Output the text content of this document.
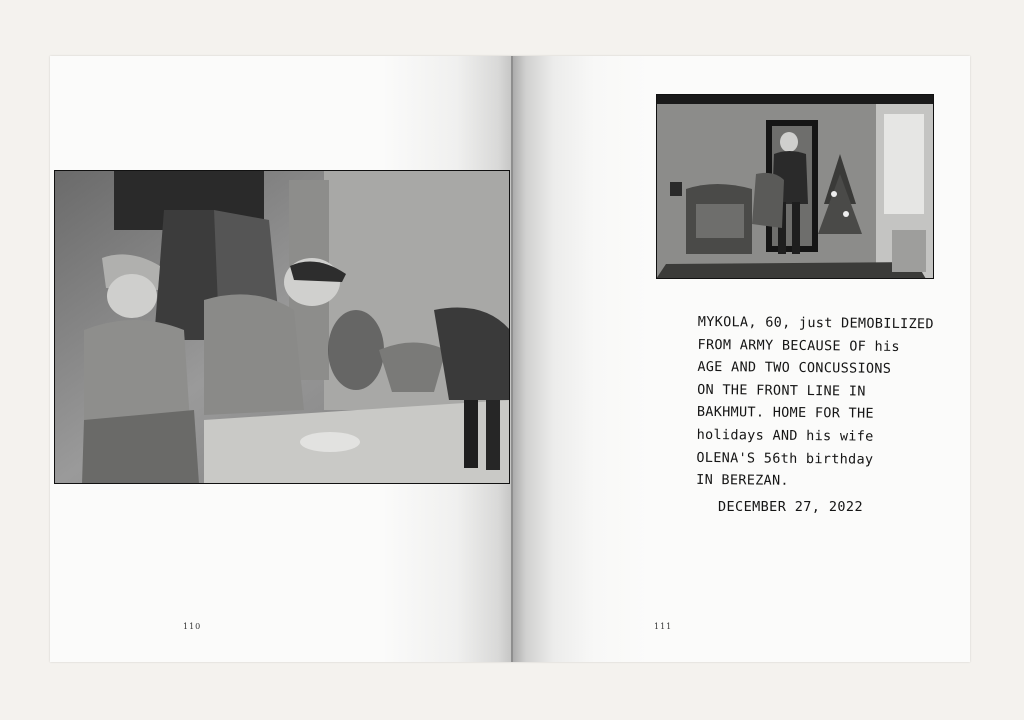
110	111
MYKOLA, 60, just DEMOBILIZED
FROM ARMY BECAUSE OF his
AGE AND TWO CONCUSSIONS
ON THE FRONT LINE IN
BAKHMUT. HOME FOR THE
holidays AND his wife
OLENA'S 56th birthday
IN BEREZAN.
DECEMBER 27, 2022
